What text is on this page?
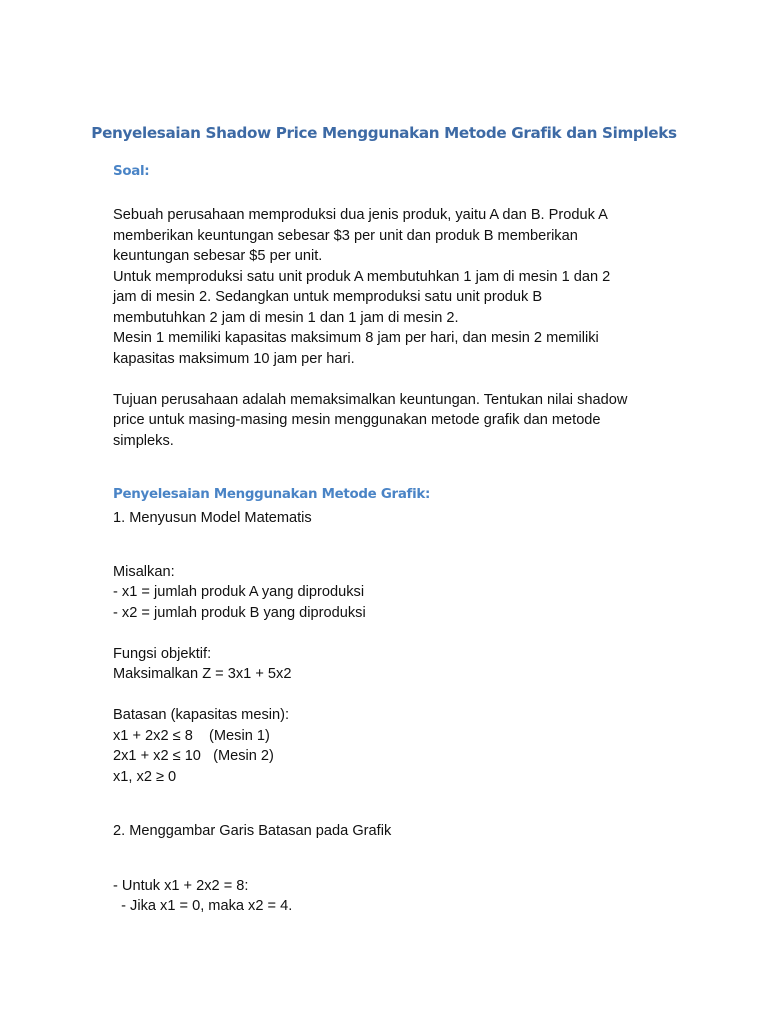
Penyelesaian Shadow Price Menggunakan Metode Grafik dan Simpleks
Soal:
Sebuah perusahaan memproduksi dua jenis produk, yaitu A dan B. Produk A
memberikan keuntungan sebesar $3 per unit dan produk B memberikan
keuntungan sebesar $5 per unit.
Untuk memproduksi satu unit produk A membutuhkan 1 jam di mesin 1 dan 2
jam di mesin 2. Sedangkan untuk memproduksi satu unit produk B
membutuhkan 2 jam di mesin 1 dan 1 jam di mesin 2.
Mesin 1 memiliki kapasitas maksimum 8 jam per hari, dan mesin 2 memiliki
kapasitas maksimum 10 jam per hari.
Tujuan perusahaan adalah memaksimalkan keuntungan. Tentukan nilai shadow
price untuk masing-masing mesin menggunakan metode grafik dan metode
simpleks.
Penyelesaian Menggunakan Metode Grafik:
1. Menyusun Model Matematis
Misalkan:
- x1 = jumlah produk A yang diproduksi
- x2 = jumlah produk B yang diproduksi
Fungsi objektif:
Maksimalkan Z = 3x1 + 5x2
Batasan (kapasitas mesin):
x1 + 2x2 ≤ 8    (Mesin 1)
2x1 + x2 ≤ 10   (Mesin 2)
x1, x2 ≥ 0
2. Menggambar Garis Batasan pada Grafik
- Untuk x1 + 2x2 = 8:
- Jika x1 = 0, maka x2 = 4.
